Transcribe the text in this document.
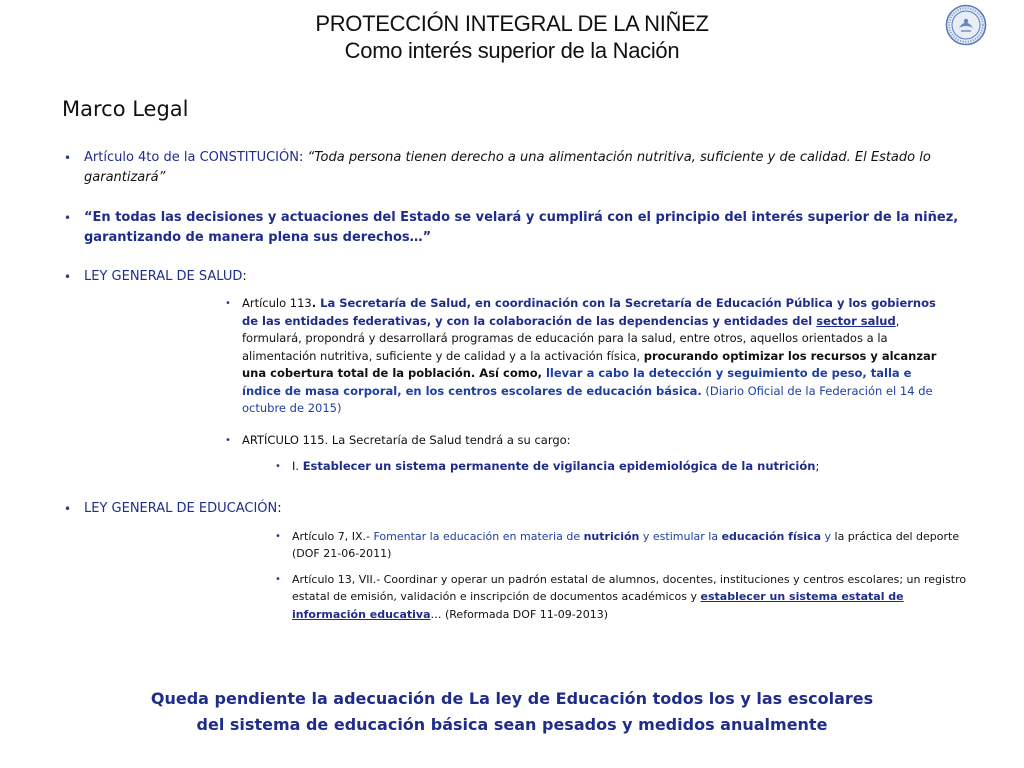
PROTECCIÓN INTEGRAL DE LA NIÑEZ
Como interés superior de la Nación
Marco Legal
• Artículo 4to de la CONSTITUCIÓN: “Toda persona tienen derecho a una alimentación nutritiva, suficiente y de calidad. El Estado lo garantizará”
• “En todas las decisiones y actuaciones del Estado se velará y cumplirá con el principio del interés superior de la niñez, garantizando de manera plena sus derechos…”
• LEY GENERAL DE SALUD:
• Artículo 113. La Secretaría de Salud, en coordinación con la Secretaría de Educación Pública y los gobiernos de las entidades federativas, y con la colaboración de las dependencias y entidades del sector salud, formulará, propondrá y desarrollará programas de educación para la salud, entre otros, aquellos orientados a la alimentación nutritiva, suficiente y de calidad y a la activación física, procurando optimizar los recursos y alcanzar una cobertura total de la población. Así como, llevar a cabo la detección y seguimiento de peso, talla e índice de masa corporal, en los centros escolares de educación básica. (Diario Oficial de la Federación el 14 de octubre de 2015)
• ARTÍCULO 115. La Secretaría de Salud tendrá a su cargo:
• I. Establecer un sistema permanente de vigilancia epidemiológica de la nutrición;
• LEY GENERAL DE EDUCACIÓN:
• Artículo 7, IX.- Fomentar la educación en materia de nutrición y estimular la educación física y la práctica del deporte (DOF 21-06-2011)
• Artículo 13, VII.- Coordinar y operar un padrón estatal de alumnos, docentes, instituciones y centros escolares; un registro estatal de emisión, validación e inscripción de documentos académicos y establecer un sistema estatal de información educativa… (Reformada DOF 11-09-2013)
Queda pendiente la adecuación de La ley de Educación todos los y las escolares
del sistema de educación básica sean pesados y medidos anualmente
